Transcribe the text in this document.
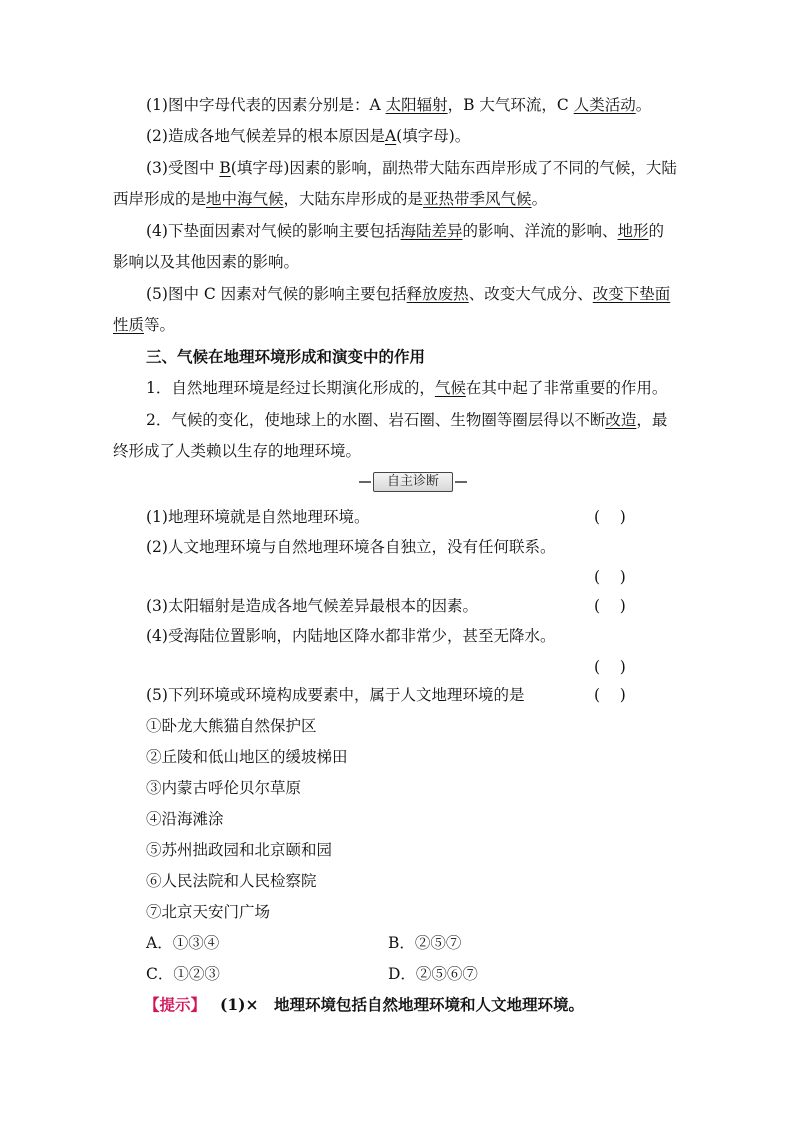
(1)图中字母代表的因素分别是：A 太阳辐射，B 大气环流，C 人类活动。
(2)造成各地气候差异的根本原因是A(填字母)。
(3)受图中 B(填字母)因素的影响，副热带大陆东西岸形成了不同的气候，大陆
西岸形成的是地中海气候，大陆东岸形成的是亚热带季风气候。
(4)下垫面因素对气候的影响主要包括海陆差异的影响、洋流的影响、地形的
影响以及其他因素的影响。
(5)图中 C 因素对气候的影响主要包括释放废热、改变大气成分、改变下垫面
性质等。
三、气候在地理环境形成和演变中的作用
1．自然地理环境是经过长期演化形成的，气候在其中起了非常重要的作用。
2．气候的变化，使地球上的水圈、岩石圈、生物圈等圈层得以不断改造，最
终形成了人类赖以生存的地理环境。
自主诊断
(1)地理环境就是自然地理环境。	(    )
(2)人文地理环境与自然地理环境各自独立，没有任何联系。
(    )
(3)太阳辐射是造成各地气候差异最根本的因素。	(    )
(4)受海陆位置影响，内陆地区降水都非常少，甚至无降水。
(    )
(5)下列环境或环境构成要素中，属于人文地理环境的是	(    )
①卧龙大熊猫自然保护区
②丘陵和低山地区的缓坡梯田
③内蒙古呼伦贝尔草原
④沿海滩涂
⑤苏州拙政园和北京颐和园
⑥人民法院和人民检察院
⑦北京天安门广场
A．①③④	B．②⑤⑦
C．①②③	D．②⑤⑥⑦
【提示】 (1)×　地理环境包括自然地理环境和人文地理环境。
